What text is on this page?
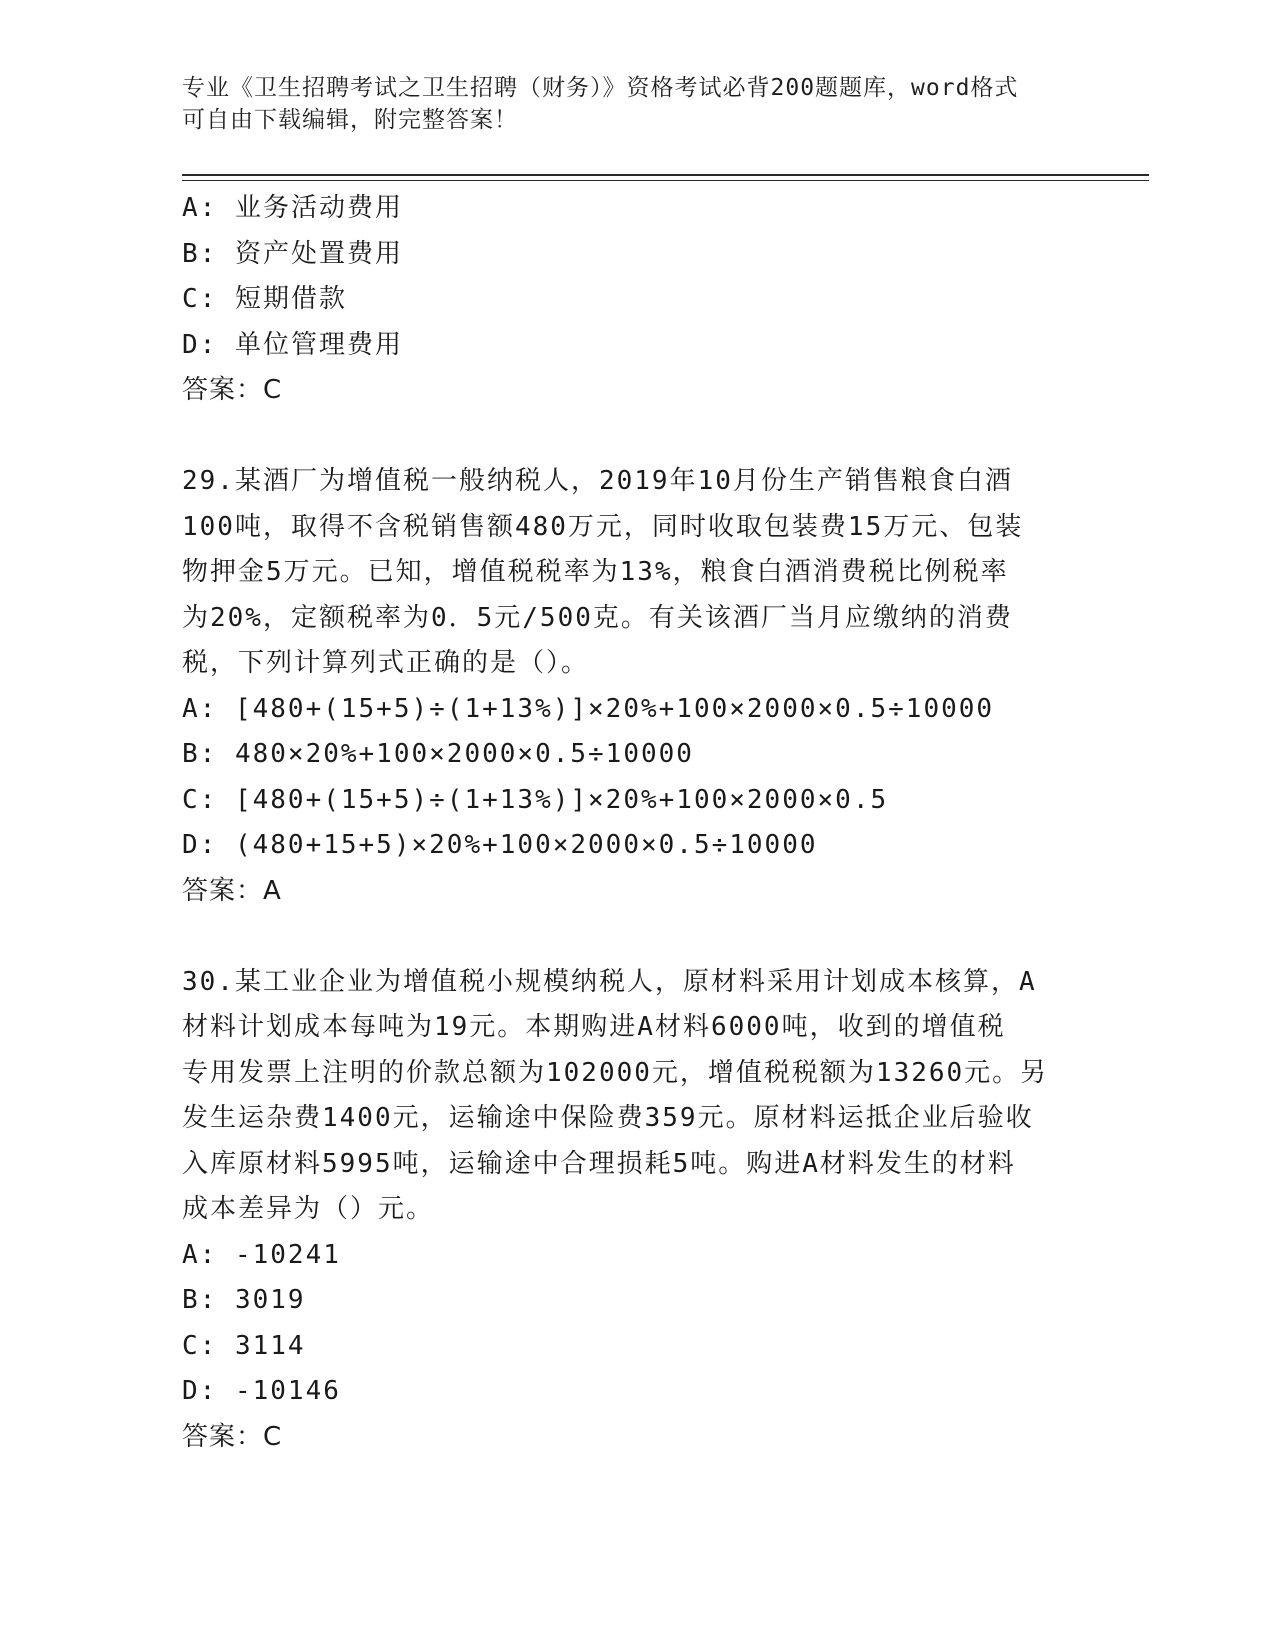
专业《卫生招聘考试之卫生招聘（财务）》资格考试必背200题题库，word格式
可自由下载编辑，附完整答案！
A: 业务活动费用
B: 资产处置费用
C: 短期借款
D: 单位管理费用
答案：C
29.某酒厂为增值税一般纳税人，2019年10月份生产销售粮食白酒
100吨，取得不含税销售额480万元，同时收取包装费15万元、包装
物押金5万元。已知，增值税税率为13%，粮食白酒消费税比例税率
为20%，定额税率为0．5元/500克。有关该酒厂当月应缴纳的消费
税，下列计算列式正确的是（）。
A: [480+(15+5)÷(1+13%)]×20%+100×2000×0.5÷10000
B: 480×20%+100×2000×0.5÷10000
C: [480+(15+5)÷(1+13%)]×20%+100×2000×0.5
D: (480+15+5)×20%+100×2000×0.5÷10000
答案：A
30.某工业企业为增值税小规模纳税人，原材料采用计划成本核算，A
材料计划成本每吨为19元。本期购进A材料6000吨，收到的增值税
专用发票上注明的价款总额为102000元，增值税税额为13260元。另
发生运杂费1400元，运输途中保险费359元。原材料运抵企业后验收
入库原材料5995吨，运输途中合理损耗5吨。购进A材料发生的材料
成本差异为（）元。
A: -10241
B: 3019
C: 3114
D: -10146
答案：C
